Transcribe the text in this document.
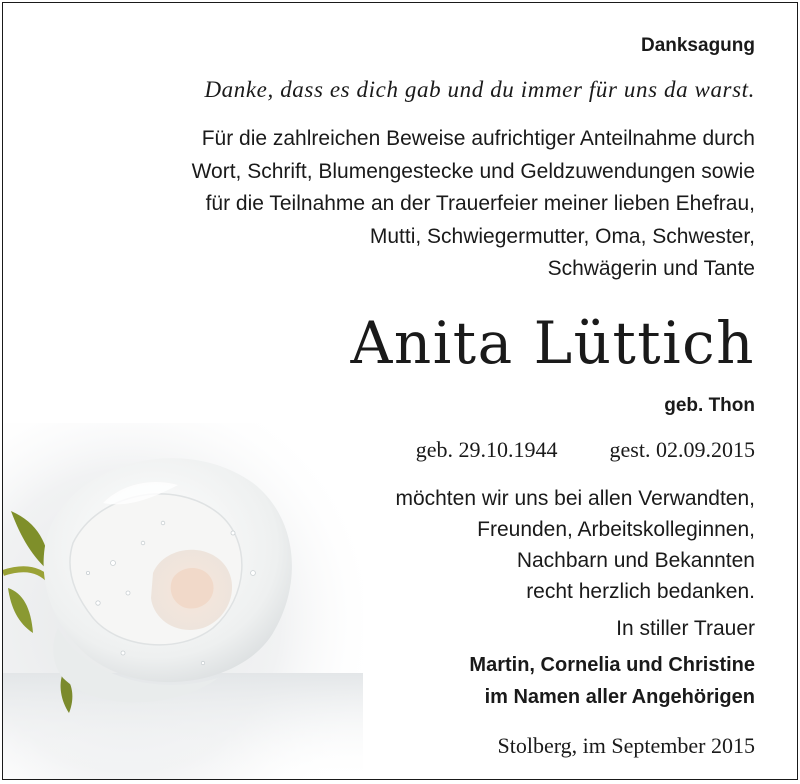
Danksagung
Danke, dass es dich gab und du immer für uns da warst.
Für die zahlreichen Beweise aufrichtiger Anteilnahme durch
Wort, Schrift, Blumengestecke und Geldzuwendungen sowie
für die Teilnahme an der Trauerfeier meiner lieben Ehefrau,
Mutti, Schwiegermutter, Oma, Schwester,
Schwägerin und Tante
Anita Lüttich
geb. Thon
geb. 29.10.1944 gest. 02.09.2015
möchten wir uns bei allen Verwandten,
Freunden, Arbeitskolleginnen,
Nachbarn und Bekannten
recht herzlich bedanken.
In stiller Trauer
Martin, Cornelia und Christine
im Namen aller Angehörigen
Stolberg, im September 2015
